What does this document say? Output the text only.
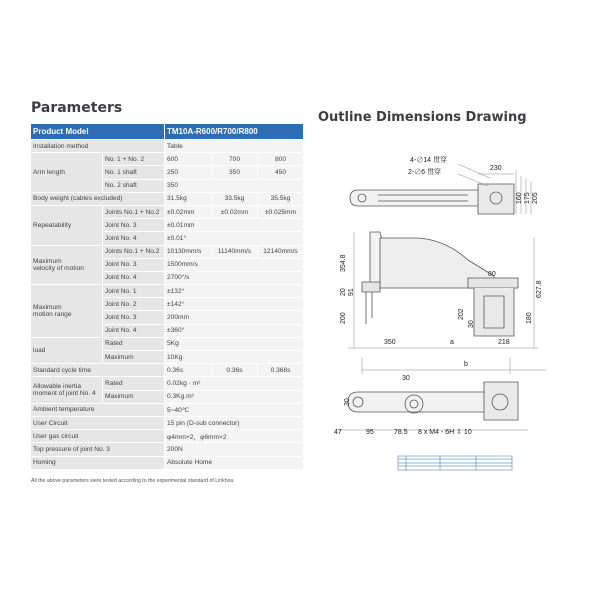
Parameters
Outline Dimensions Drawing
Product Model		TM10A-R600/R700/R800		
Installation method		Table		
Arm length	No. 1 + No. 2	600	700	800
	No. 1 shaft	250	350	450
	No. 2 shaft	350		
Body weight (cables excluded)		31.5kg	33.5kg	35.5kg
Repeatability	Joints No.1 + No.2	±0.02mm	±0.02mm	±0.025mm
	Joint No. 3	±0.01mm		
	Joint No. 4	±0.01°		
Maximum
velocity of motion	Joints No.1 + No.2	10130mm/s	11140mm/s	12140mm/s
	Joint No. 3	1500mm/s		
	Joint No. 4	2700°/s		
Maximum
motion range	Joint No. 1	±132°		
	Joint No. 2	±142°		
	Joint No. 3	200mm		
	Joint No. 4	±360°		
load	Rated	5Kg		
	Maximum	10Kg		
Standard cycle time		0.36s	0.36s	0.368s
Allowable inertia
moment of joint No. 4	Rated	0.02kg · m²		
	Maximum	0.3Kg.m²		
Ambient temperature		5~40℃		
User Circuit		15 pin (D-sub connector)		
User gas circuit		φ4mm×2，φ6mm×2		
Top pressure of joint No. 3		200N		
Homing		Absolute Home		
All the above parameters were tested according to the experimental standard of Linkhou.
4-∅14 贯穿
2-∅6 贯穿
230
160 175 205
354.8
627.8
20 91
80
200	202	180
30
350	a	218
b
30
30
47	95	78.5 8 x M4 - 6H ⇩ 10
